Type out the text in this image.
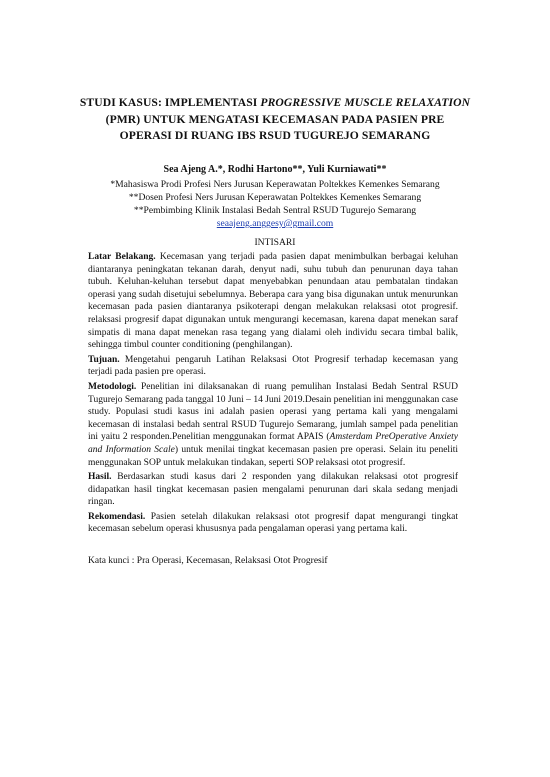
STUDI KASUS: IMPLEMENTASI PROGRESSIVE MUSCLE RELAXATION
(PMR) UNTUK MENGATASI KECEMASAN PADA PASIEN PRE
OPERASI DI RUANG IBS RSUD TUGUREJO SEMARANG
Sea Ajeng A.*, Rodhi Hartono**, Yuli Kurniawati**
*Mahasiswa Prodi Profesi Ners Jurusan Keperawatan Poltekkes Kemenkes Semarang
**Dosen Profesi Ners Jurusan Keperawatan Poltekkes Kemenkes Semarang
**Pembimbing Klinik Instalasi Bedah Sentral RSUD Tugurejo Semarang
seaajeng.anggesy@gmail.com
INTISARI

Latar Belakang. Kecemasan yang terjadi pada pasien dapat menimbulkan berbagai keluhan diantaranya peningkatan tekanan darah, denyut nadi, suhu tubuh dan penurunan daya tahan tubuh. Keluhan-keluhan tersebut dapat menyebabkan penundaan atau pembatalan tindakan operasi yang sudah disetujui sebelumnya. Beberapa cara yang bisa digunakan untuk menurunkan kecemasan pada pasien diantaranya psikoterapi dengan melakukan relaksasi otot progresif. relaksasi progresif dapat digunakan untuk mengurangi kecemasan, karena dapat menekan saraf simpatis di mana dapat menekan rasa tegang yang dialami oleh individu secara timbal balik, sehingga timbul counter conditioning (penghilangan).

Tujuan. Mengetahui pengaruh Latihan Relaksasi Otot Progresif terhadap kecemasan yang terjadi pada pasien pre operasi.

Metodologi. Penelitian ini dilaksanakan di ruang pemulihan Instalasi Bedah Sentral RSUD Tugurejo Semarang pada tanggal 10 Juni – 14 Juni 2019.Desain penelitian ini menggunakan case study. Populasi studi kasus ini adalah pasien operasi yang pertama kali yang mengalami kecemasan di instalasi bedah sentral RSUD Tugurejo Semarang, jumlah sampel pada penelitian ini yaitu 2 responden.Penelitian menggunakan format APAIS (Amsterdam PreOperative Anxiety and Information Scale) untuk menilai tingkat kecemasan pasien pre operasi. Selain itu peneliti menggunakan SOP untuk melakukan tindakan, seperti SOP relaksasi otot progresif.

Hasil. Berdasarkan studi kasus dari 2 responden yang dilakukan relaksasi otot progresif didapatkan hasil tingkat kecemasan pasien mengalami penurunan dari skala sedang menjadi ringan.

Rekomendasi. Pasien setelah dilakukan relaksasi otot progresif dapat mengurangi tingkat kecemasan sebelum operasi khususnya pada pengalaman operasi yang pertama kali.

Kata kunci : Pra Operasi, Kecemasan, Relaksasi Otot Progresif
